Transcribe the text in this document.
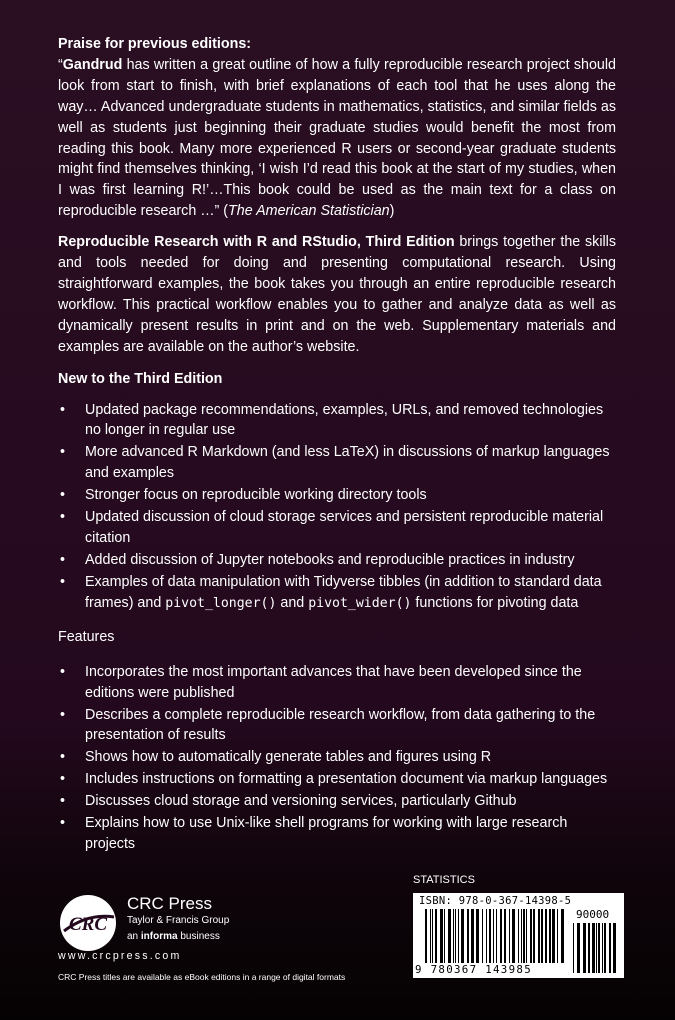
Praise for previous editions:

“Gandrud has written a great outline of how a fully reproducible research project should look from start to finish, with brief explanations of each tool that he uses along the way… Advanced undergraduate students in mathematics, statistics, and similar fields as well as students just beginning their graduate studies would benefit the most from reading this book. Many more experienced R users or second-year graduate students might find themselves thinking, ‘I wish I’d read this book at the start of my studies, when I was first learning R!’…This book could be used as the main text for a class on reproducible research …” (The American Statistician)

Reproducible Research with R and RStudio, Third Edition brings together the skills and tools needed for doing and presenting computational research. Using straightforward examples, the book takes you through an entire reproducible research workflow. This practical workflow enables you to gather and analyze data as well as dynamically present results in print and on the web. Supplementary materials and examples are available on the author’s website.

New to the Third Edition

• Updated package recommendations, examples, URLs, and removed technologies no longer in regular use
• More advanced R Markdown (and less LaTeX) in discussions of markup languages and examples
• Stronger focus on reproducible working directory tools
• Updated discussion of cloud storage services and persistent reproducible material citation
• Added discussion of Jupyter notebooks and reproducible practices in industry
• Examples of data manipulation with Tidyverse tibbles (in addition to standard data frames) and pivot_longer() and pivot_wider() functions for pivoting data

Features

• Incorporates the most important advances that have been developed since the editions were published
• Describes a complete reproducible research workflow, from data gathering to the presentation of results
• Shows how to automatically generate tables and figures using R
• Includes instructions on formatting a presentation document via markup languages
• Discusses cloud storage and versioning services, particularly Github
• Explains how to use Unix-like shell programs for working with large research projects
CRC
CRC Press
Taylor & Francis Group
an informa business
www.crcpress.com
CRC Press titles are available as eBook editions in a range of digital formats
STATISTICS
ISBN: 978-0-367-14398-5
90000
9 780367 143985
